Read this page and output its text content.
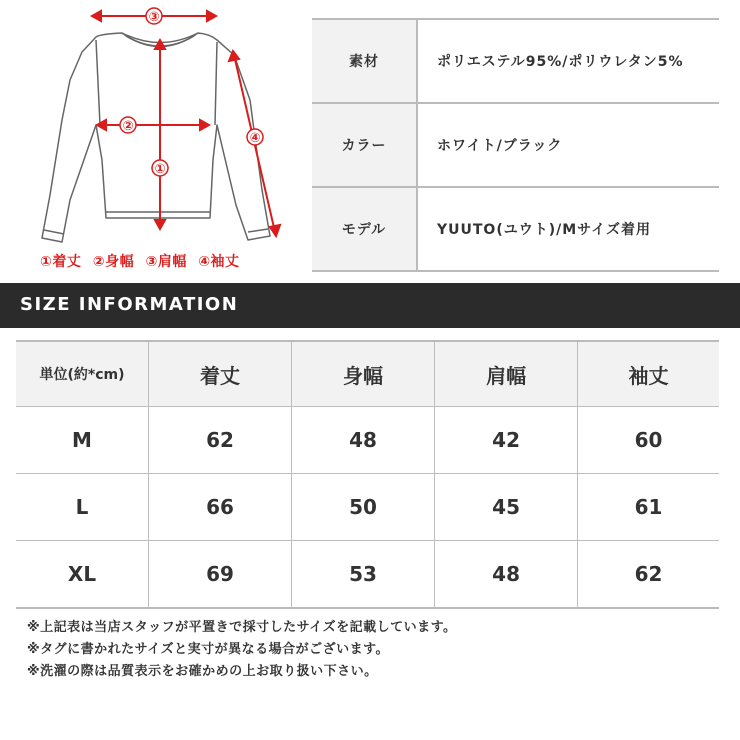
③
②
①
④
①着丈 ②身幅 ③肩幅 ④袖丈
素材	ポリエステル95%/ポリウレタン5%
カラー	ホワイト/ブラック
モデル	YUUTO(ユウト)/Mサイズ着用
SIZE INFORMATION
単位(約*cm)	着丈	身幅	肩幅	袖丈
M	62	48	42	60
L	66	50	45	61
XL	69	53	48	62
※上記表は当店スタッフが平置きで採寸したサイズを記載しています。
※タグに書かれたサイズと実寸が異なる場合がございます。
※洗濯の際は品質表示をお確かめの上お取り扱い下さい。
